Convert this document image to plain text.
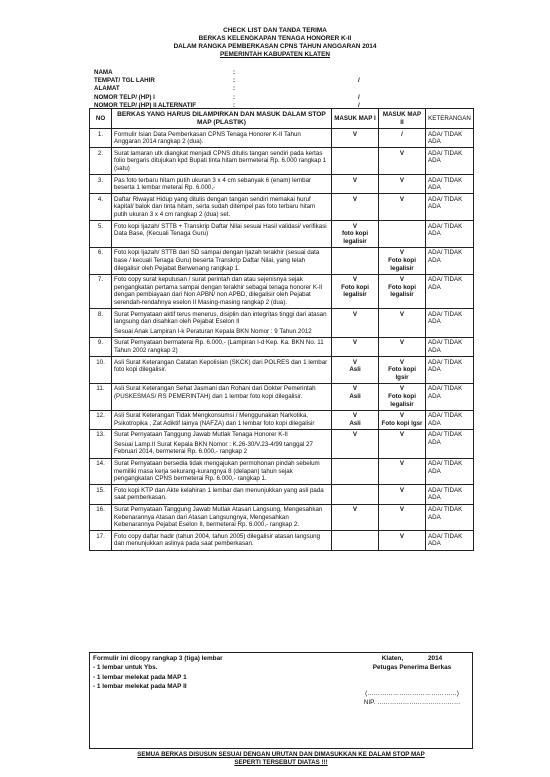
CHECK LIST DAN TANDA TERIMA
BERKAS KELENGKAPAN TENAGA HONORER K-II
DALAM RANGKA PEMBERKASAN CPNS TAHUN ANGGARAN 2014
PEMERINTAH KABUPATEN KLATEN
NAMA	:
TEMPAT/ TGL LAHIR	:	/
ALAMAT	:
NOMOR TELP/ (HP) I	:	/
NOMOR TELP/ (HP) II ALTERNATIF	:	/
NO	BERKAS YANG HARUS DILAMPIRKAN DAN MASUK DALAM STOP MAP (PLASTIK)	MASUK MAP I	MASUK MAP II	KETERANGAN
1.	Formulir Isian Data Pemberkasan CPNS Tenaga Honorer K-II Tahun Anggaran 2014 rangkap 2 (dua).	V	/	ADA/ TIDAK
ADA

2.	Surat lamaran utk diangkat menjadi CPNS ditulis tangan sendiri pada kertas folio bergaris ditujukan kpd Bupati tinta hitam bermeterai Rp. 6.000 rangkap 1 (satu)		V	ADA/ TIDAK
ADA

3.	Pas foto terbaru hitam putih ukuran 3 x 4 cm sebanyak 6 (enam) lembar beserta 1 lembar meterai Rp. 6.000,-	V	V	ADA/ TIDAK
ADA

4.	Daftar Riwayat Hidup yang ditulis dengan tangan sendiri memakai huruf kapital/ balok dan tinta hitam, serta sudah ditempel pas foto terbaru hitam putih ukuran 3 x 4 cm rangkap 2 (dua) set.	V	V	ADA/ TIDAK
ADA

5.	Foto kopi Ijazah/ STTB + Transkrip Daftar Nilai sesuai Hasil validasi/ verifikasi Data Base, (Kecuali Tenaga Guru)	V
foto kopi legalisir		ADA/ TIDAK
ADA

6.	Foto kopi Ijazah/ STTB dari SD sampai dengan Ijazah terakhir (sesuai data base / kecuali Tenaga Guru) beserta Transkrip Daftar Nilai, yang telah dilegalisir oleh Pejabat Berwenang rangkap 1.		V
Foto kopi legalisir	ADA/ TIDAK
ADA

7.	Foto copy surat keputusan / surat perintah dan atau sejenisnya sejak pengangkatan pertama sampai dengan terakhir sebagai tenaga honorer K-II dengan pembiayaan dari Non APBN/ non APBD, dilegalisir oleh Pejabat serendah-rendahnya eselon II Masing-masing rangkap 2 (dua).	V
Foto kopi legalisir	V
Foto kopi legalisir	ADA/ TIDAK
ADA

8.	Surat Pernyataan aktif terus menerus, disiplin dan integritas tinggi dari atasan langsung dan disahkan oleh Pejabat Eselon II
Sesuai Anak Lampiran I-k Peraturan Kepala BKN Nomor : 9 Tahun 2012	V	V	ADA/ TIDAK
ADA

9.	Surat Pernyataan bermaterai Rp. 6.000,- (Lampiran I-d Kep. Ka. BKN No. 11 Tahun 2002 rangkap 2)	V	V	ADA/ TIDAK
ADA

10.	Asli Surat Keterangan Catatan Kepolisian (SKCK) dari POLRES dan 1 lembar foto kopi dilegalisir.	V
Asli	V
Foto kopi lgsir	ADA/ TIDAK
ADA

11.	Asli Surat Keterangan Sehat Jasmani dan Rohani dari Dokter Pemerintah (PUSKESMAS/ RS PEMERINTAH) dan 1 lembar foto kopi dilegalisir.	V
Asli	V
Foto kopi legalisir	ADA/ TIDAK
ADA

12.	Asli Surat Keterangan Tidak Mengkonsumsi / Menggunakan Narkotika, Psikotropika , Zat Adiktif lainya (NAFZA) dan 1 lembar foto kopi dilegalisir	V
Asli	V
Foto kopi lgsr	ADA/ TIDAK
ADA

13.	Surat Pernyataan Tanggung Jawab Mutlak Tenaga Honorer K-II
Sesuai Lamp.II Surat Kepala BKN Nomor : K.26-30/V.23-4/99 tanggal 27 Februari 2014, bermeterai Rp. 6.000,- rangkap 2	V	V	ADA/ TIDAK
ADA

14.	Surat Pernyataan bersedia tidak mengajukan permohonan pindah sebelum memiliki masa kerja sekurang-kurangnya 8 (delapan) tahun sejak pengangkatan CPNS bermeterai Rp. 6.000,- rangkap 1.		V	ADA/ TIDAK
ADA

15.	Foto kopi KTP dan Akte kelahiran 1 lembar dan menunjukkan yang asli pada saat pemberkasan.		V	ADA/ TIDAK
ADA

16.	Surat Pernyataan Tanggung Jawab Mutlak Atasan Langsung, Mengesahkan Kebenarannya Atasan dari Atasan Langsungnya, Mengesahkan Kebenarannya Pejabat Eselon II, bermeterai Rp. 6.000,- rangkap 2.	V	V	ADA/ TIDAK
ADA

17.	Foto copy daftar hadir (tahun 2004, tahun 2005) dilegalisir atasan langsung dan menunjukkan aslinya pada saat pemberkasan.		V	ADA/ TIDAK
ADA
Formulir ini dicopy rangkap 3 (tiga) lembar
- 1 lembar untuk Ybs.
- 1 lembar melekat pada MAP 1
- 1 lembar melekat pada MAP II
Klaten,              2014
Petugas Penerima Berkas
(……………………………………)
NIP. …………………………………
SEMUA BERKAS DISUSUN SESUAI DENGAN URUTAN DAN DIMASUKKAN KE DALAM STOP MAP
SEPERTI TERSEBUT DIATAS !!!
